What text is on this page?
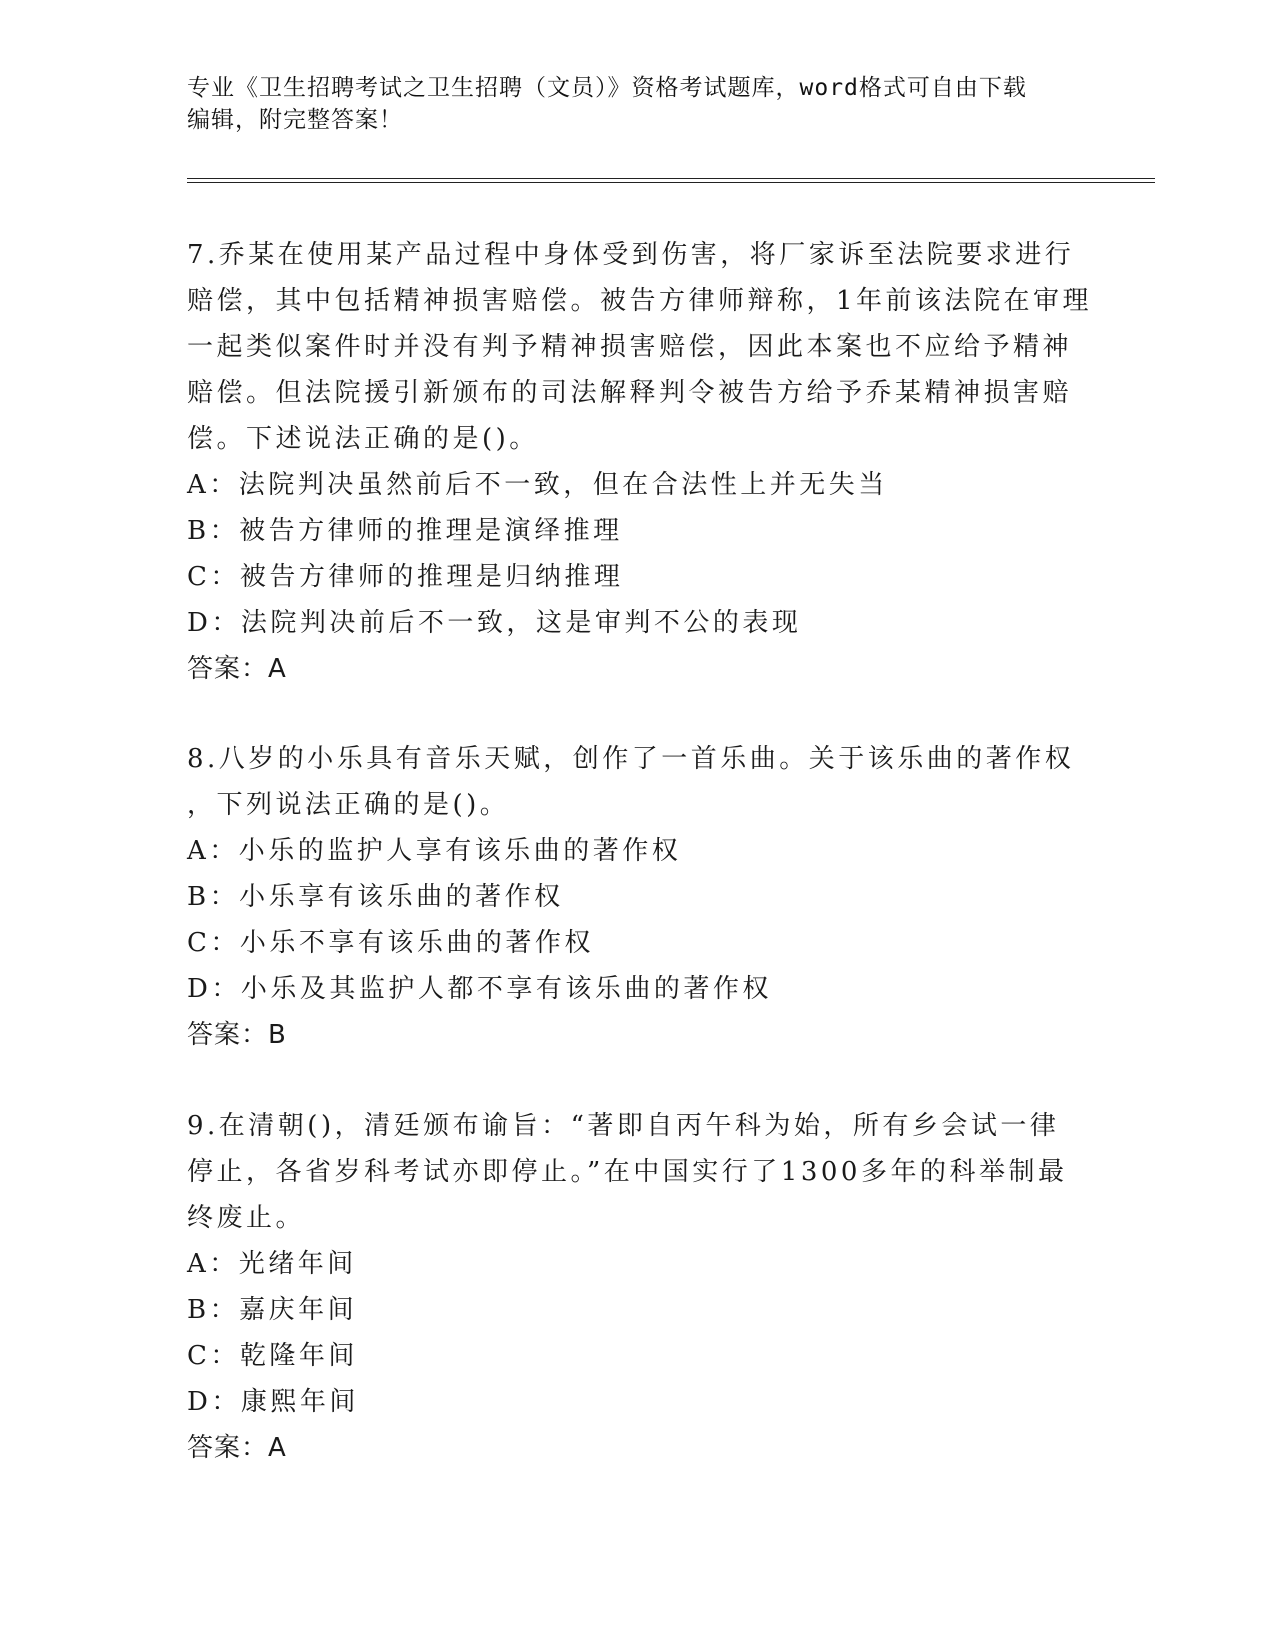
专业《卫生招聘考试之卫生招聘（文员）》资格考试题库，word格式可自由下载
编辑，附完整答案！
7.乔某在使用某产品过程中身体受到伤害，将厂家诉至法院要求进行
赔偿，其中包括精神损害赔偿。被告方律师辩称，1年前该法院在审理
一起类似案件时并没有判予精神损害赔偿，因此本案也不应给予精神
赔偿。但法院援引新颁布的司法解释判令被告方给予乔某精神损害赔
偿。下述说法正确的是()。
A：法院判决虽然前后不一致，但在合法性上并无失当
B：被告方律师的推理是演绎推理
C：被告方律师的推理是归纳推理
D：法院判决前后不一致，这是审判不公的表现
答案：A
8.八岁的小乐具有音乐天赋，创作了一首乐曲。关于该乐曲的著作权
，下列说法正确的是()。
A：小乐的监护人享有该乐曲的著作权
B：小乐享有该乐曲的著作权
C：小乐不享有该乐曲的著作权
D：小乐及其监护人都不享有该乐曲的著作权
答案：B
9.在清朝()，清廷颁布谕旨：“著即自丙午科为始，所有乡会试一律
停止，各省岁科考试亦即停止。”在中国实行了1300多年的科举制最
终废止。
A：光绪年间
B：嘉庆年间
C：乾隆年间
D：康熙年间
答案：A
